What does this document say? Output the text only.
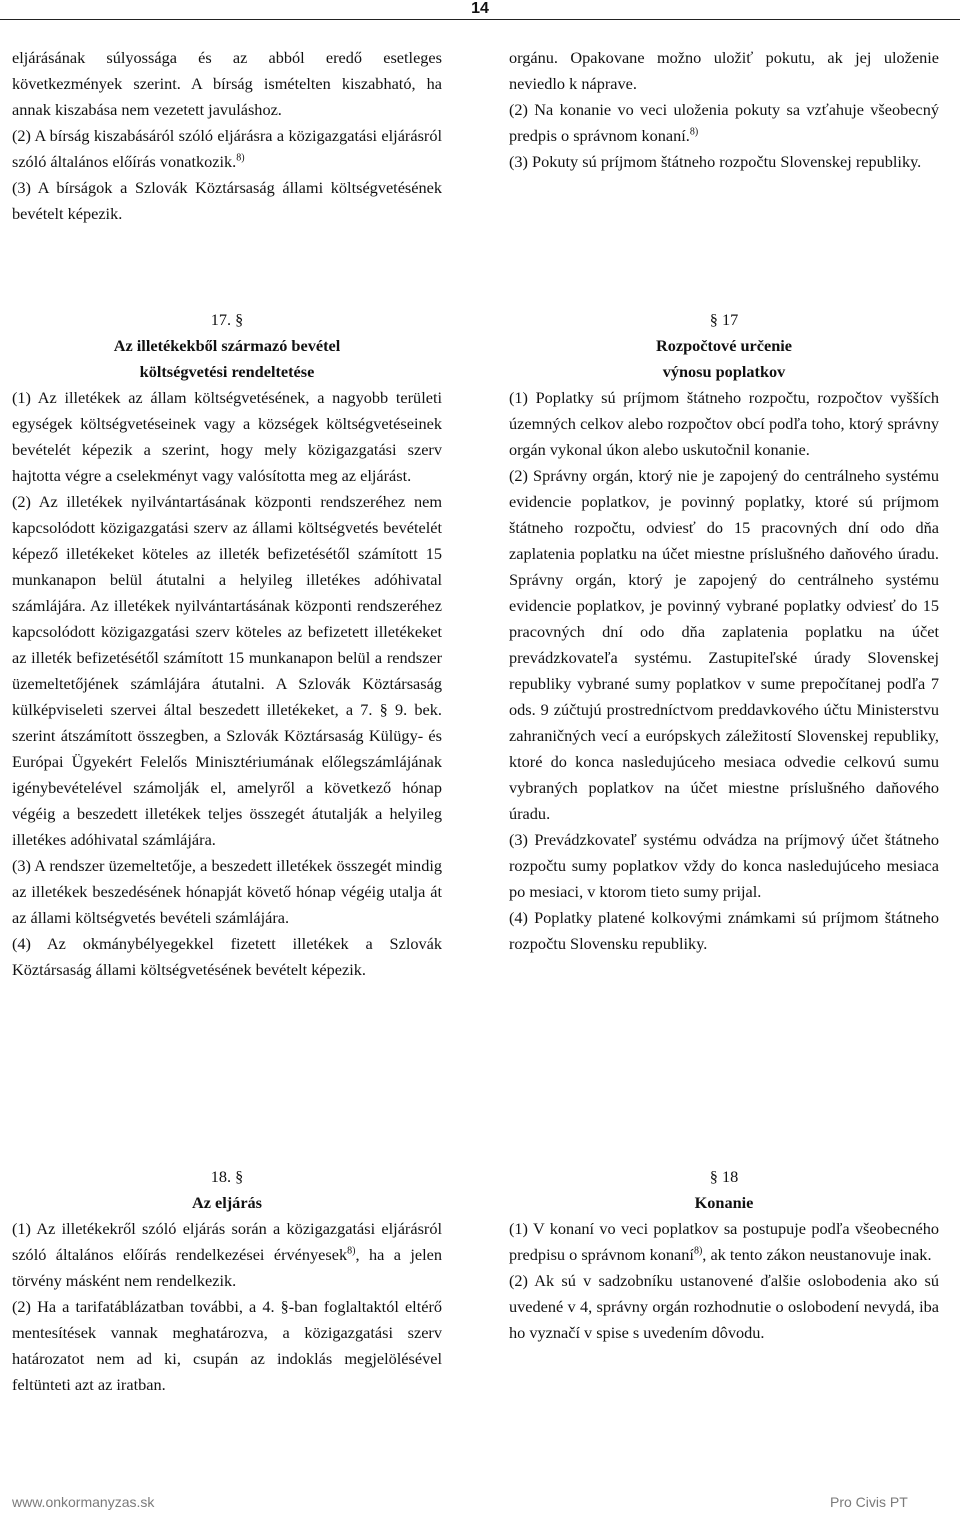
14

eljárásának súlyossága és az abból eredő esetleges következmények szerint. A bírság ismételten kiszabható, ha annak kiszabása nem vezetett javuláshoz.

(2) A bírság kiszabásáról szóló eljárásra a közigazgatási eljárásról szóló általános előírás vonatkozik.$^{8)}$

(3) A bírságok a Szlovák Köztársaság állami költségvetésének bevételt képezik.

orgánu. Opakovane možno uložiť pokutu, ak jej uloženie neviedlo k náprave.

(2) Na konanie vo veci uloženia pokuty sa vzťahuje všeobecný predpis o správnom konaní.$^{8)}$

(3) Pokuty sú príjmom štátneho rozpočtu Slovenskej republiky.

17. §

Az illetékekből származó bevétel

költségvetési rendeltetése

(1) Az illetékek az állam költségvetésének, a nagyobb területi egységek költségvetéseinek vagy a községek költségvetéseinek bevételét képezik a szerint, hogy mely közigazgatási szerv hajtotta végre a cselekményt vagy valósította meg az eljárást.

(2) Az illetékek nyilvántartásának központi rendszeréhez nem kapcsolódott közigazgatási szerv az állami költségvetés bevételét képező illetékeket köteles az illeték befizetésétől számított 15 munkanapon belül átutalni a helyileg illetékes adóhivatal számlájára. Az illetékek nyilvántartásának központi rendszeréhez kapcsolódott közigazgatási szerv köteles az befizetett illetékeket az illeték befizetésétől számított 15 munkanapon belül a rendszer üzemeltetőjének számlájára átutalni. A Szlovák Köztársaság külképviseleti szervei által beszedett illetékeket, a 7. § 9. bek. szerint átszámított összegben, a Szlovák Köztársaság Külügy- és Európai Ügyekért Felelős Minisztériumának előlegszámlájának igénybevételével számolják el, amelyről a következő hónap végéig a beszedett illetékek teljes összegét átutalják a helyileg illetékes adóhivatal számlájára.

(3) A rendszer üzemeltetője, a beszedett illetékek összegét mindig az illetékek beszedésének hónapját követő hónap végéig utalja át az állami költségvetés bevételi számlájára.

(4) Az okmánybélyegekkel fizetett illetékek a Szlovák Köztársaság állami költségvetésének bevételt képezik.

§ 17

Rozpočtové určenie

výnosu poplatkov

(1) Poplatky sú príjmom štátneho rozpočtu, rozpočtov vyšších územných celkov alebo rozpočtov obcí podľa toho, ktorý správny orgán vykonal úkon alebo uskutočnil konanie.

(2) Správny orgán, ktorý nie je zapojený do centrálneho systému evidencie poplatkov, je povinný poplatky, ktoré sú príjmom štátneho rozpočtu, odviesť do 15 pracovných dní odo dňa zaplatenia poplatku na účet miestne príslušného daňového úradu. Správny orgán, ktorý je zapojený do centrálneho systému evidencie poplatkov, je povinný vybrané poplatky odviesť do 15 pracovných dní odo dňa zaplatenia poplatku na účet prevádzkovateľa systému. Zastupiteľské úrady Slovenskej republiky vybrané sumy poplatkov v sume prepočítanej podľa 7 ods. 9 zúčtujú prostredníctvom preddavkového účtu Ministerstvu zahraničných vecí a európskych záležitostí Slovenskej republiky, ktoré do konca nasledujúceho mesiaca odvedie celkovú sumu vybraných poplatkov na účet miestne príslušného daňového úradu.

(3) Prevádzkovateľ systému odvádza na príjmový účet štátneho rozpočtu sumy poplatkov vždy do konca nasledujúceho mesiaca po mesiaci, v ktorom tieto sumy prijal.

(4) Poplatky platené kolkovými známkami sú príjmom štátneho rozpočtu Slovensku republiky.

18. §

Az eljárás

(1) Az illetékekről szóló eljárás során a közigazgatási eljárásról szóló általános előírás rendelkezései érvényesek$^{8)}$, ha a jelen törvény másként nem rendelkezik.

(2) Ha a tarifatáblázatban további, a 4. §-ban foglaltaktól eltérő mentesítések vannak meghatározva, a közigazgatási szerv határozatot nem ad ki, csupán az indoklás megjelölésével feltünteti azt az iratban.

§ 18

Konanie

(1) V konaní vo veci poplatkov sa postupuje podľa všeobecného predpisu o správnom konaní$^{8)}$, ak tento zákon neustanovuje inak.

(2) Ak sú v sadzobníku ustanovené ďalšie oslobodenia ako sú uvedené v 4, správny orgán rozhodnutie o oslobodení nevydá, iba ho vyznačí v spise s uvedením dôvodu.

www.onkormanyzas.sk	Pro Civis PT
